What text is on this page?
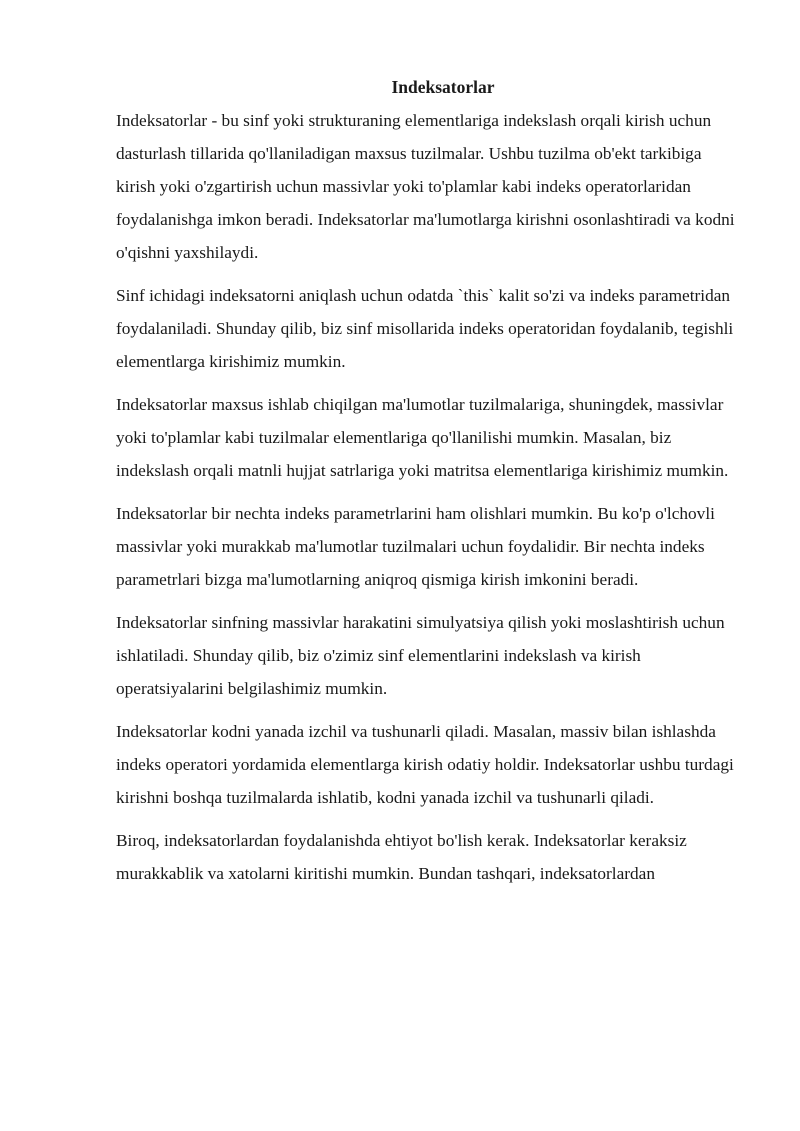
Indeksatorlar

Indeksatorlar - bu sinf yoki strukturaning elementlariga indekslash orqali kirish uchun dasturlash tillarida qo'llaniladigan maxsus tuzilmalar. Ushbu tuzilma ob'ekt tarkibiga kirish yoki o'zgartirish uchun massivlar yoki to'plamlar kabi indeks operatorlaridan foydalanishga imkon beradi. Indeksatorlar ma'lumotlarga kirishni osonlashtiradi va kodni o'qishni yaxshilaydi.

Sinf ichidagi indeksatorni aniqlash uchun odatda `this` kalit so'zi va indeks parametridan foydalaniladi. Shunday qilib, biz sinf misollarida indeks operatoridan foydalanib, tegishli elementlarga kirishimiz mumkin.

Indeksatorlar maxsus ishlab chiqilgan ma'lumotlar tuzilmalariga, shuningdek, massivlar yoki to'plamlar kabi tuzilmalar elementlariga qo'llanilishi mumkin. Masalan, biz indekslash orqali matnli hujjat satrlariga yoki matritsa elementlariga kirishimiz mumkin.

Indeksatorlar bir nechta indeks parametrlarini ham olishlari mumkin. Bu ko'p o'lchovli massivlar yoki murakkab ma'lumotlar tuzilmalari uchun foydalidir. Bir nechta indeks parametrlari bizga ma'lumotlarning aniqroq qismiga kirish imkonini beradi.

Indeksatorlar sinfning massivlar harakatini simulyatsiya qilish yoki moslashtirish uchun ishlatiladi. Shunday qilib, biz o'zimiz sinf elementlarini indekslash va kirish operatsiyalarini belgilashimiz mumkin.

Indeksatorlar kodni yanada izchil va tushunarli qiladi. Masalan, massiv bilan ishlashda indeks operatori yordamida elementlarga kirish odatiy holdir. Indeksatorlar ushbu turdagi kirishni boshqa tuzilmalarda ishlatib, kodni yanada izchil va tushunarli qiladi.

Biroq, indeksatorlardan foydalanishda ehtiyot bo'lish kerak. Indeksatorlar keraksiz murakkablik va xatolarni kiritishi mumkin. Bundan tashqari, indeksatorlardan
